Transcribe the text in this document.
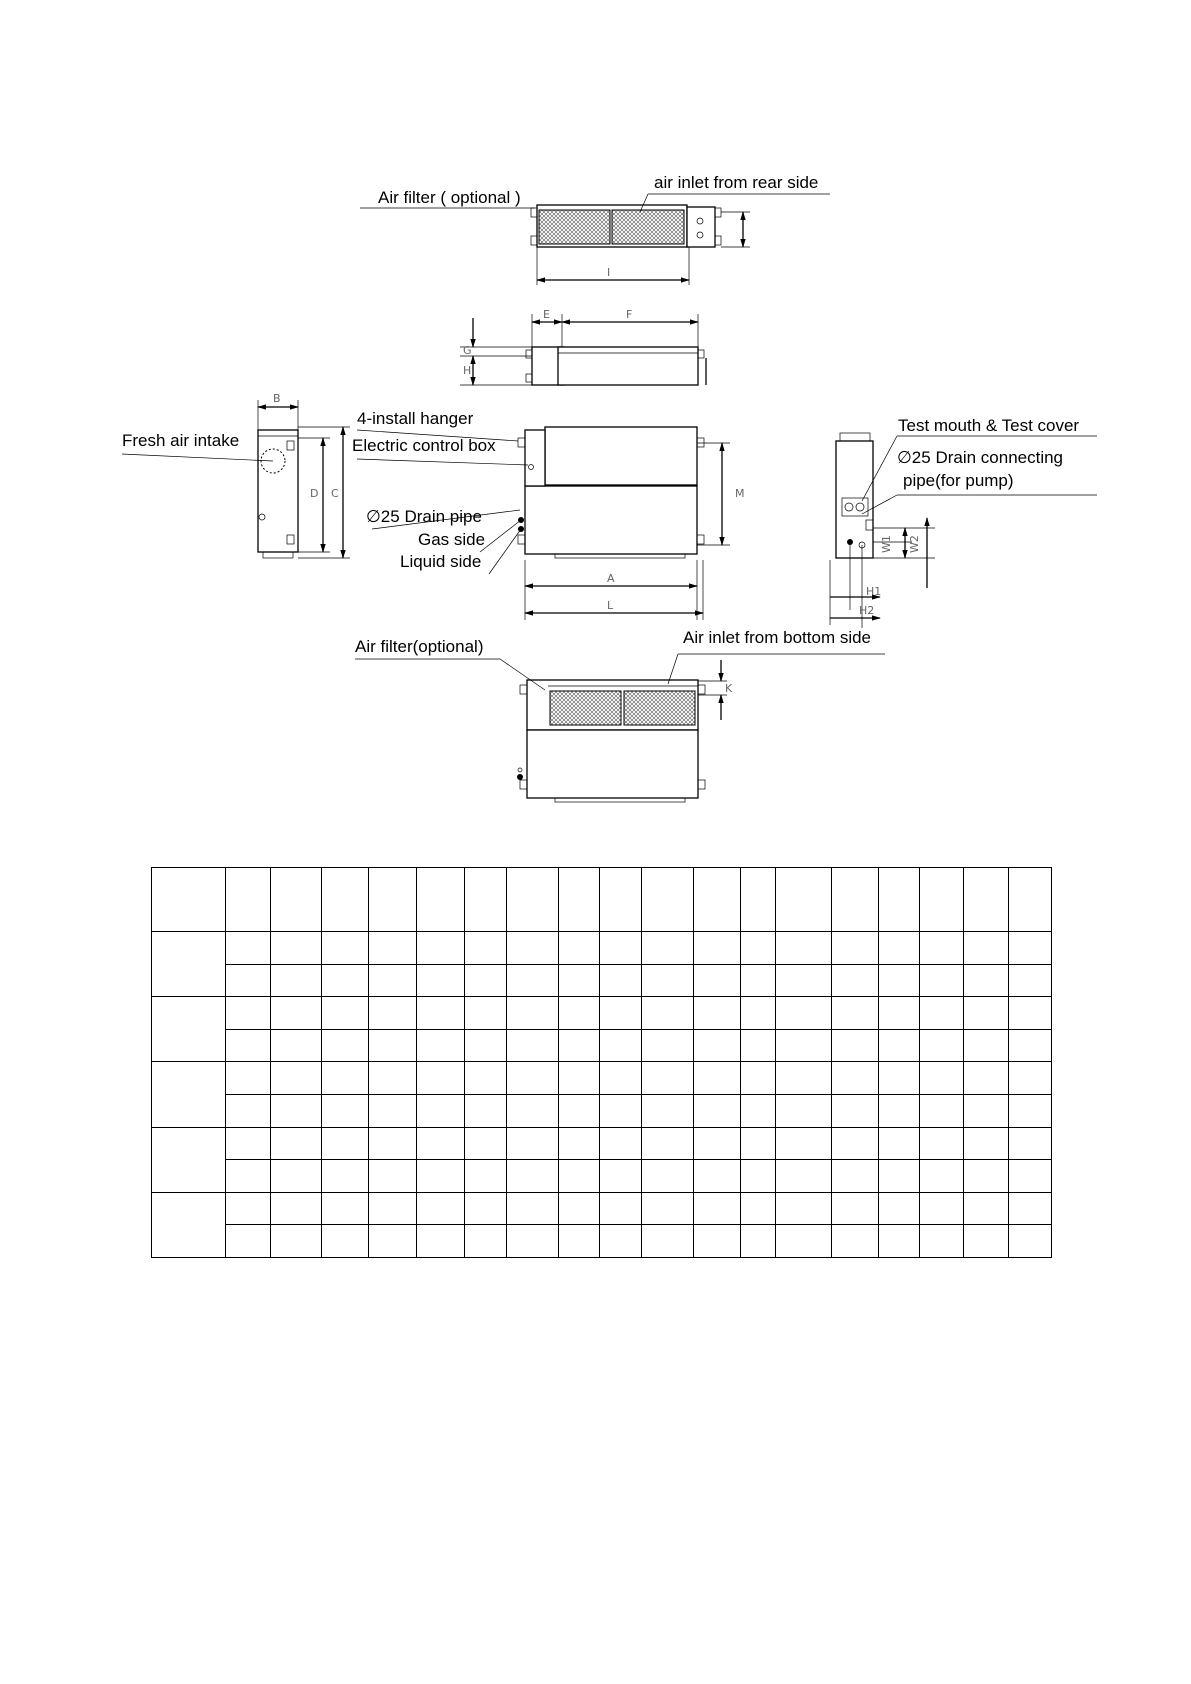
I
Air filter ( optional )
air inlet from rear side
E	F
G
H
B
D C
Fresh air intake
M
A
L
4-install hanger
Electric control box
∅25 Drain pipe
Gas side
Liquid side
W1 W2
H1
H2
Test mouth & Test cover
∅25 Drain connecting
pipe(for pump)
K
Air filter(optional)	Air inlet from bottom side
